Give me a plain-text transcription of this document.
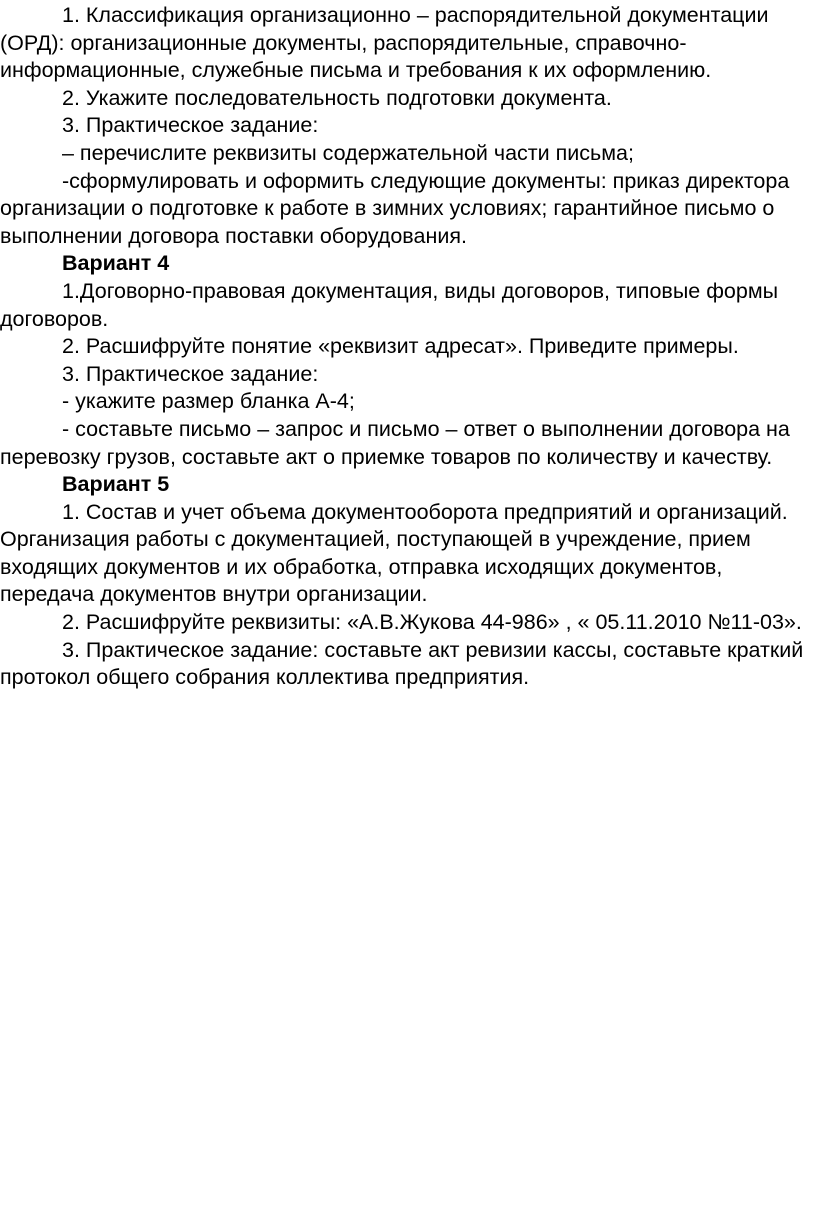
1. Классификация организационно – распорядительной документации (ОРД): организационные документы, распорядительные, справочно-информационные, служебные письма и требования к их оформлению.

2. Укажите последовательность подготовки документа.

3. Практическое задание:

– перечислите реквизиты содержательной части письма;

-сформулировать и оформить следующие документы: приказ директора организации о подготовке к работе в зимних условиях; гарантийное письмо о выполнении договора поставки оборудования.

Вариант 4

1.Договорно-правовая документация, виды договоров, типовые формы договоров.

2. Расшифруйте понятие «реквизит адресат». Приведите примеры.

3. Практическое задание:

- укажите размер бланка А-4;

- составьте письмо – запрос и письмо – ответ о выполнении договора на перевозку грузов, составьте акт о приемке товаров по количеству и качеству.

Вариант 5

1. Состав и учет объема документооборота предприятий и организаций. Организация работы с документацией, поступающей в учреждение, прием входящих документов и их обработка, отправка исходящих документов, передача документов внутри организации.

2. Расшифруйте реквизиты: «А.В.Жукова 44-986» , « 05.11.2010 №11-03».

3. Практическое задание: составьте акт ревизии кассы, составьте краткий протокол общего собрания коллектива предприятия.
